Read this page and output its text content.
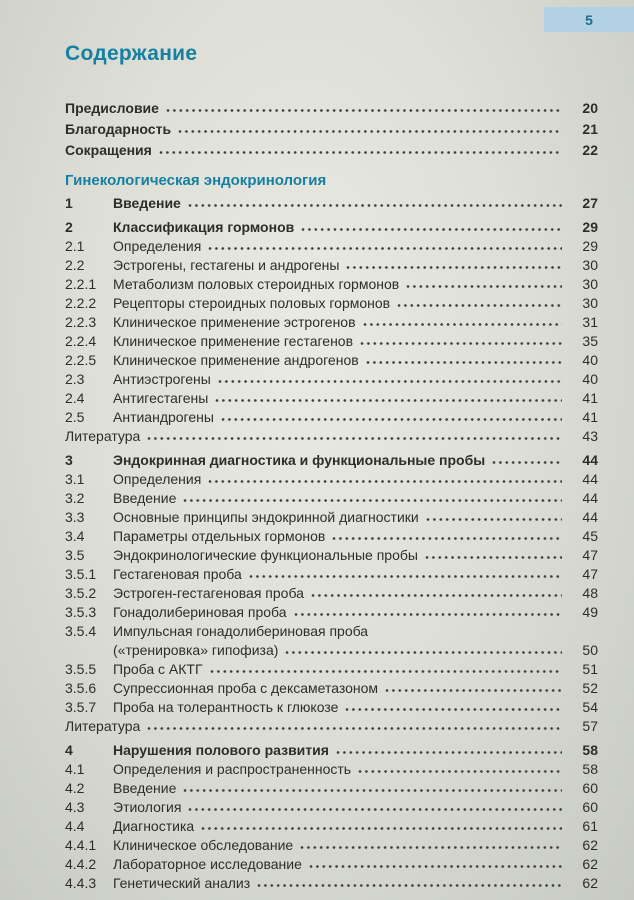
5
Содержание
Предисловие	20
Благодарность	21
Сокращения	22
Гинекологическая эндокринология
1	Введение	27
2	Классификация гормонов	29
2.1	Определения	29
2.2	Эстрогены, гестагены и андрогены	30
2.2.1	Метаболизм половых стероидных гормонов	30
2.2.2	Рецепторы стероидных половых гормонов	30
2.2.3	Клиническое применение эстрогенов	31
2.2.4	Клиническое применение гестагенов	35
2.2.5	Клиническое применение андрогенов	40
2.3	Антиэстрогены	40
2.4	Антигестагены	41
2.5	Антиандрогены	41
Литература	43
3	Эндокринная диагностика и функциональные пробы	44
3.1	Определения	44
3.2	Введение	44
3.3	Основные принципы эндокринной диагностики	44
3.4	Параметры отдельных гормонов	45
3.5	Эндокринологические функциональные пробы	47
3.5.1	Гестагеновая проба	47
3.5.2	Эстроген-гестагеновая проба	48
3.5.3	Гонадолибериновая проба	49
3.5.4	Импульсная гонадолибериновая проба
(«тренировка» гипофиза)	50
3.5.5	Проба с АКТГ	51
3.5.6	Супрессионная проба с дексаметазоном	52
3.5.7	Проба на толерантность к глюкозе	54
Литература	57
4	Нарушения полового развития	58
4.1	Определения и распространенность	58
4.2	Введение	60
4.3	Этиология	60
4.4	Диагностика	61
4.4.1	Клиническое обследование	62
4.4.2	Лабораторное исследование	62
4.4.3	Генетический анализ	62
